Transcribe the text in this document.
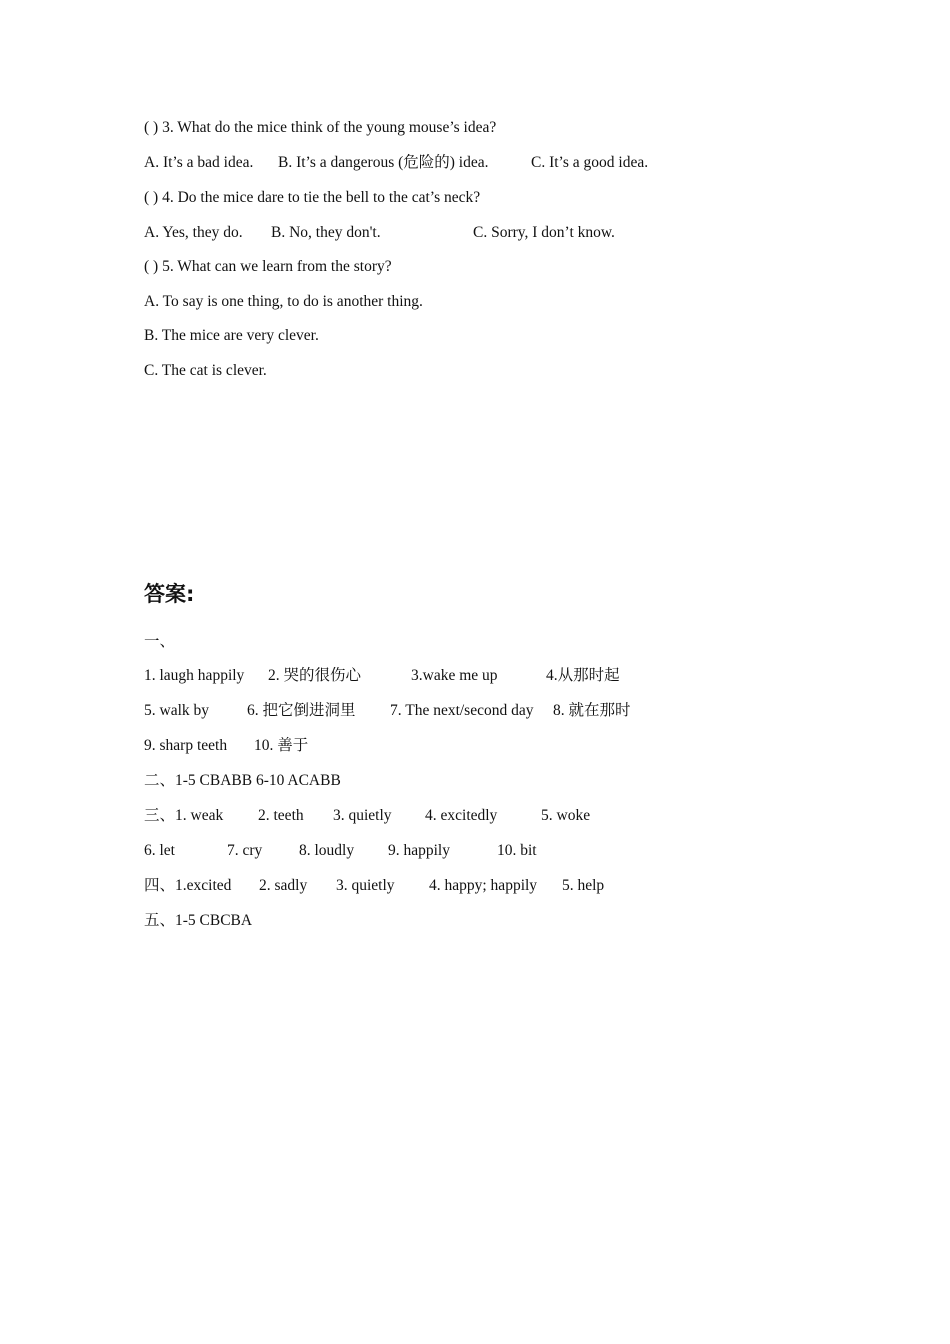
( ) 3. What do the mice think of the young mouse’s idea?
A. It’s a bad idea. B. It’s a dangerous (危险的) idea.	C. It’s a good idea.
( ) 4. Do the mice dare to tie the bell to the cat’s neck?
A. Yes, they do. B. No, they don't.	C. Sorry, I don’t know.
( ) 5. What can we learn from the story?
A. To say is one thing, to do is another thing.
B. The mice are very clever.
C. The cat is clever.
答案:
一、
1. laugh happily 2. 哭的很伤心	3.wake me up	4.从那时起
5. walk by 6. 把它倒进洞里 7. The next/second day 8. 就在那时
9. sharp teeth 10. 善于
二、1-5 CBABB 6-10 ACABB
三、1. weak 2. teeth 3. quietly 4. excitedly	5. woke
6. let	7. cry 8. loudly 9. happily	10. bit
四、1.excited 2. sadly 3. quietly 4. happy; happily 5. help
五、1-5 CBCBA
